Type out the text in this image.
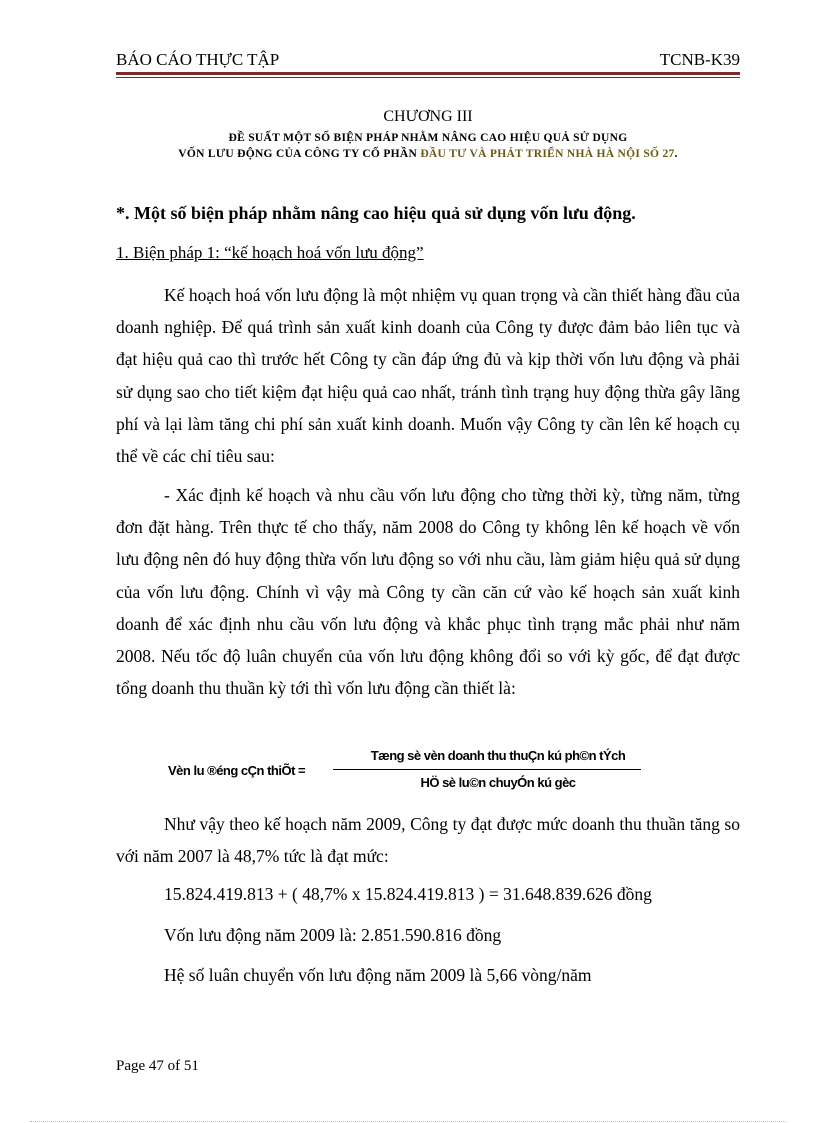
BÁO CÁO THỰC TẬP	TCNB-K39
CHƯƠNG III
ĐỀ SUẤT MỘT SỐ BIỆN PHÁP NHẰM NÂNG CAO HIỆU QUẢ SỬ DỤNG
VỐN LƯU ĐỘNG CỦA CÔNG TY CỔ PHẦN ĐẦU TƯ VÀ PHÁT TRIỂN NHÀ HÀ NỘI SỐ 27.
*. Một số biện pháp nhằm nâng cao hiệu quả sử dụng vốn lưu động.
1. Biện pháp 1: “kế hoạch hoá vốn lưu động”

Kế hoạch hoá vốn lưu động là một nhiệm vụ quan trọng và cần thiết hàng đầu của doanh nghiệp. Để quá trình sản xuất kinh doanh của Công ty được đảm bảo liên tục và đạt hiệu quả cao thì trước hết Công ty cần đáp ứng đủ và kịp thời vốn lưu động và phải sử dụng sao cho tiết kiệm đạt hiệu quả cao nhất, tránh tình trạng huy động thừa gây lãng phí và lại làm tăng chi phí sản xuất kinh doanh. Muốn vậy Công ty cần lên kế hoạch cụ thể về các chỉ tiêu sau:

- Xác định kế hoạch và nhu cầu vốn lưu động cho từng thời kỳ, từng năm, từng đơn đặt hàng. Trên thực tế cho thấy, năm 2008 do Công ty không lên kế hoạch về vốn lưu động nên đó huy động thừa vốn lưu động so với nhu cầu, làm giảm hiệu quả sử dụng của vốn lưu động. Chính vì vậy mà Công ty cần căn cứ vào kế hoạch sản xuất kinh doanh để xác định nhu cầu vốn lưu động và khắc phục tình trạng mắc phải như năm 2008. Nếu tốc độ luân chuyển của vốn lưu động không đổi so với kỳ gốc, để đạt được tổng doanh thu thuần kỳ tới thì vốn lưu động cần thiết là:

Vèn lu ®éng cÇn thiÕt =
Tæng sè vèn doanh thu thuÇn kú ph©n tÝch
HÖ sè lu©n chuyÓn kú gèc

Như vậy theo kế hoạch năm 2009, Công ty đạt được mức doanh thu thuần tăng so với năm 2007 là 48,7% tức là đạt mức:

15.824.419.813 + ( 48,7% x 15.824.419.813 ) = 31.648.839.626 đồng
Vốn lưu động năm 2009 là: 2.851.590.816 đồng
Hệ số luân chuyển vốn lưu động năm 2009 là 5,66 vòng/năm
Page 47 of 51
